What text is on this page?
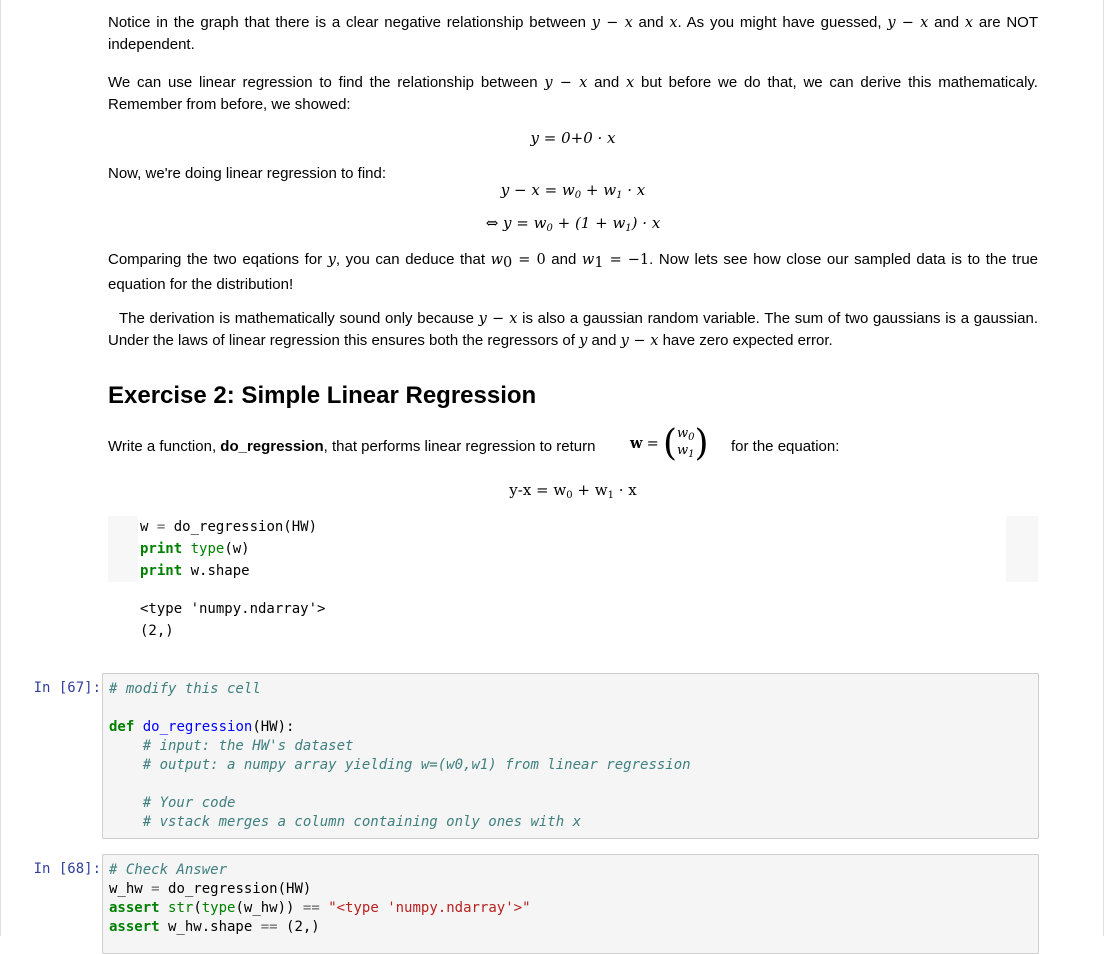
Notice in the graph that there is a clear negative relationship between y − x and x. As you might have guessed, y − x and x are NOT independent.

We can use linear regression to find the relationship between y − x and x but before we do that, we can derive this mathematicaly. Remember from before, we showed:

y = 0+0 · x

Now, we're doing linear regression to find:

$y - x = w_0 + w_1 \cdot x$
⇔ $y = w_0 + (1 + w_1) \cdot x$

Comparing the two eqations for y, you can deduce that $w_0 = 0$ and $w_1 = -1$. Now lets see how close our sampled data is to the true equation for the distribution!

The derivation is mathematically sound only because y − x is also a gaussian random variable. The sum of two gaussians is a gaussian. Under the laws of linear regression this ensures both the regressors of y and y − x have zero expected error.

Exercise 2: Simple Linear Regression
Write a function, do_regression, that performs linear regression to return $w = (w_0$
$w_1$) for the equation:
$y-x = w_0 + w_1 \cdot x$
w = do_regression(HW)
print type(w)
print w.shape
<type 'numpy.ndarray'>
(2,)
In [67]: # modify this cell

def do_regression(HW):
# input: the HW's dataset
# output: a numpy array yielding w=(w0,w1) from linear regression

# Your code
# vstack merges a column containing only ones with x
In [68]: # Check Answer
w_hw = do_regression(HW)
assert str(type(w_hw)) == "<type 'numpy.ndarray'>"
assert w_hw.shape == (2,)
